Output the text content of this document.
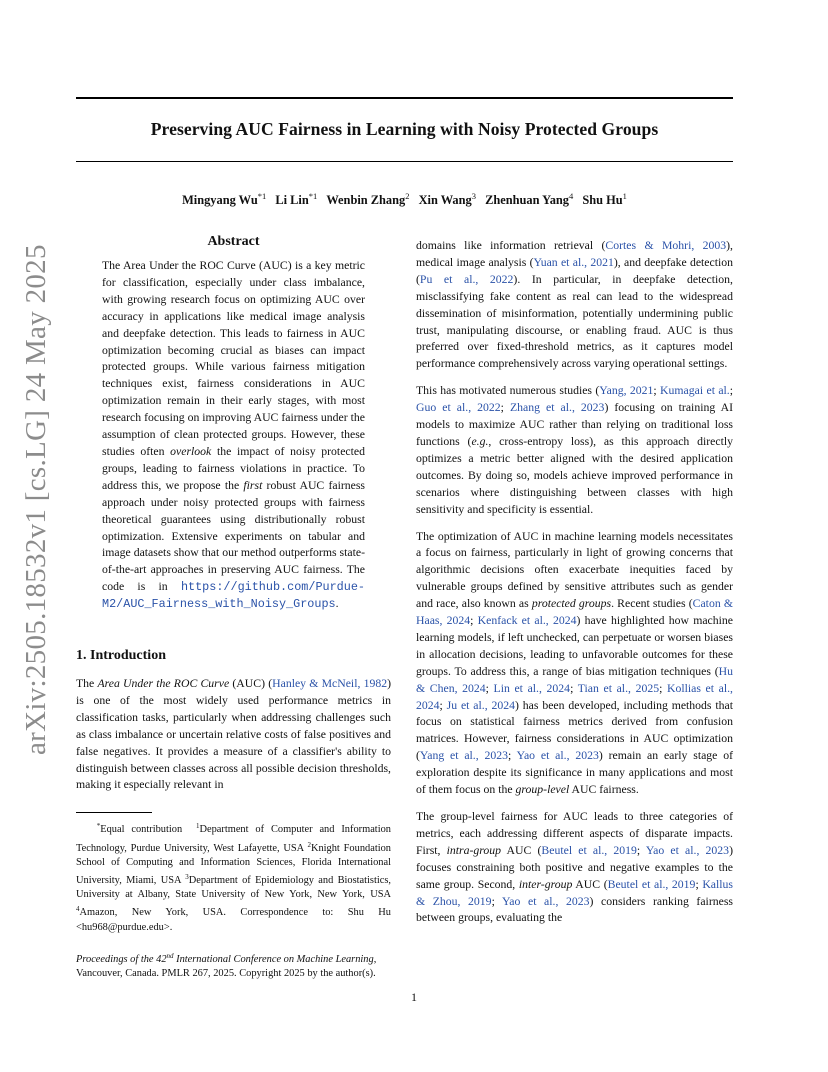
Preserving AUC Fairness in Learning with Noisy Protected Groups
Mingyang Wu$^{*1}$ Li Lin$^{*1}$ Wenbin Zhang$^2$ Xin Wang$^3$ Zhenhuan Yang$^4$ Shu Hu$^1$
arXiv:2505.18532v1 [cs.LG] 24 May 2025
Abstract

The Area Under the ROC Curve (AUC) is a key metric for classification, especially under class imbalance, with growing research focus on optimizing AUC over accuracy in applications like medical image analysis and deepfake detection. This leads to fairness in AUC optimization becoming crucial as biases can impact protected groups. While various fairness mitigation techniques exist, fairness considerations in AUC optimization remain in their early stages, with most research focusing on improving AUC fairness under the assumption of clean protected groups. However, these studies often overlook the impact of noisy protected groups, leading to fairness violations in practice. To address this, we propose the first robust AUC fairness approach under noisy protected groups with fairness theoretical guarantees using distributionally robust optimization. Extensive experiments on tabular and image datasets show that our method outperforms state-of-the-art approaches in preserving AUC fairness. The code is in https://github.com/Purdue-M2/AUC_Fairness_with_Noisy_Groups.

1. Introduction

The Area Under the ROC Curve (AUC) (Hanley & McNeil, 1982) is one of the most widely used performance metrics in classification tasks, particularly when addressing challenges such as class imbalance or uncertain relative costs of false positives and false negatives. It provides a measure of a classifier's ability to distinguish between classes across all possible decision thresholds, making it especially relevant in

*Equal contribution $^1$Department of Computer and Information Technology, Purdue University, West Lafayette, USA $^2$Knight Foundation School of Computing and Information Sciences, Florida International University, Miami, USA $^3$Department of Epidemiology and Biostatistics, University at Albany, State University of New York, New York, USA $^4$Amazon, New York, USA. Correspondence to: Shu Hu <hu968@purdue.edu>.

Proceedings of the 42nd International Conference on Machine Learning, Vancouver, Canada. PMLR 267, 2025. Copyright 2025 by the author(s).

domains like information retrieval (Cortes & Mohri, 2003), medical image analysis (Yuan et al., 2021), and deepfake detection (Pu et al., 2022). In particular, in deepfake detection, misclassifying fake content as real can lead to the widespread dissemination of misinformation, potentially undermining public trust, manipulating discourse, or enabling fraud. AUC is thus preferred over fixed-threshold metrics, as it captures model performance comprehensively across varying operational settings.

This has motivated numerous studies (Yang, 2021; Kumagai et al.; Guo et al., 2022; Zhang et al., 2023) focusing on training AI models to maximize AUC rather than relying on traditional loss functions (e.g., cross-entropy loss), as this approach directly optimizes a metric better aligned with the desired application outcomes. By doing so, models achieve improved performance in scenarios where distinguishing between classes with high sensitivity and specificity is essential.

The optimization of AUC in machine learning models necessitates a focus on fairness, particularly in light of growing concerns that algorithmic decisions often exacerbate inequities faced by vulnerable groups defined by sensitive attributes such as gender and race, also known as protected groups. Recent studies (Caton & Haas, 2024; Kenfack et al., 2024) have highlighted how machine learning models, if left unchecked, can perpetuate or worsen biases in allocation decisions, leading to unfavorable outcomes for these groups. To address this, a range of bias mitigation techniques (Hu & Chen, 2024; Lin et al., 2024; Tian et al., 2025; Kollias et al., 2024; Ju et al., 2024) has been developed, including methods that focus on statistical fairness metrics derived from confusion matrices. However, fairness considerations in AUC optimization (Yang et al., 2023; Yao et al., 2023) remain an early stage of exploration despite its significance in many applications and most of them focus on the group-level AUC fairness.

The group-level fairness for AUC leads to three categories of metrics, each addressing different aspects of disparate impacts. First, intra-group AUC (Beutel et al., 2019; Yao et al., 2023) focuses constraining both positive and negative examples to the same group. Second, inter-group AUC (Beutel et al., 2019; Kallus & Zhou, 2019; Yao et al., 2023) considers ranking fairness between groups, evaluating the

1
